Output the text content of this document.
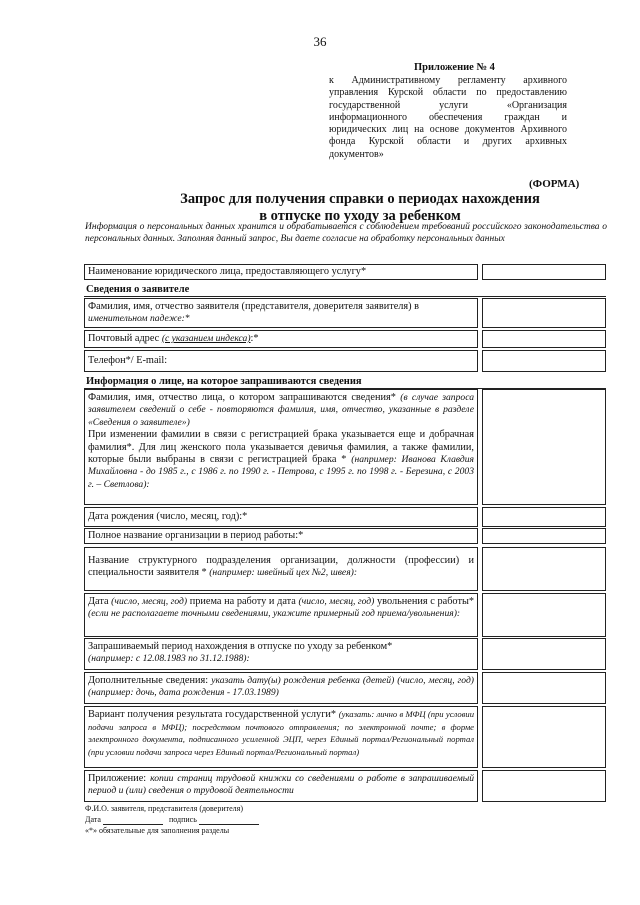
36
Приложение № 4
к Административному регламенту архивного управления Курской области по предоставлению государственной услуги «Организация информационного обеспечения граждан и юридических лиц на основе документов Архивного фонда Курской области и других архивных документов»
(ФОРМА)
Запрос для получения справки о периодах нахождения
в отпуске по уходу за ребенком
Информация о персональных данных хранится и обрабатывается с соблюдением требований российского законодательства о персональных данных. Заполняя данный запрос, Вы даете согласие на обработку персональных данных
Наименование юридического лица, предоставляющего услугу*
Сведения о заявителе
Фамилия, имя, отчество заявителя (представителя, доверителя заявителя) в
именительном падеже:*
Почтовый адрес (с указанием индекса):*
Телефон*/ E-mail:
Информация о лице, на которое запрашиваются сведения
Фамилия, имя, отчество лица, о котором запрашиваются сведения* (в случае запроса заявителем сведений о себе - повторяются фамилия, имя, отчество, указанные в разделе «Сведения о заявителе»)
При изменении фамилии в связи с регистрацией брака указывается еще и добрачная фамилия*. Для лиц женского пола указывается девичья фамилия, а также фамилии, которые были выбраны в связи с регистрацией брака * (например: Иванова Клавдия Михайловна - до 1985 г., с 1986 г. по 1990 г. - Петрова, с 1995 г. по 1998 г. - Березина, с 2003 г. – Светлова):
Дата рождения (число, месяц, год):*
Полное название организации в период работы:*
Название структурного подразделения организации, должности (профессии) и специальности заявителя * (например: швейный цех №2, швея):
Дата (число, месяц, год) приема на работу и дата (число, месяц, год) увольнения с работы* (если не располагаете точными сведениями, укажите примерный год приема/увольнения):
Запрашиваемый период нахождения в отпуске по уходу за ребенком*
(например: с 12.08.1983 по 31.12.1988):
Дополнительные сведения: указать дату(ы) рождения ребенка (детей) (число, месяц, год) (например: дочь, дата рождения - 17.03.1989)
Вариант получения результата государственной услуги* (указать: лично в МФЦ (при условии подачи запроса в МФЦ); посредством почтового отправления; по электронной почте; в форме электронного документа, подписанного усиленной ЭЦП, через Единый портал/Региональный портал (при условии подачи запроса через Единый портал/Региональный портал)
Приложение: копии страниц трудовой книжки со сведениями о работе в запрашиваемый период и (или) сведения о трудовой деятельности
Ф.И.О. заявителя, представителя (доверителя)
Дата	подпись
«*» обязательные для заполнения разделы
